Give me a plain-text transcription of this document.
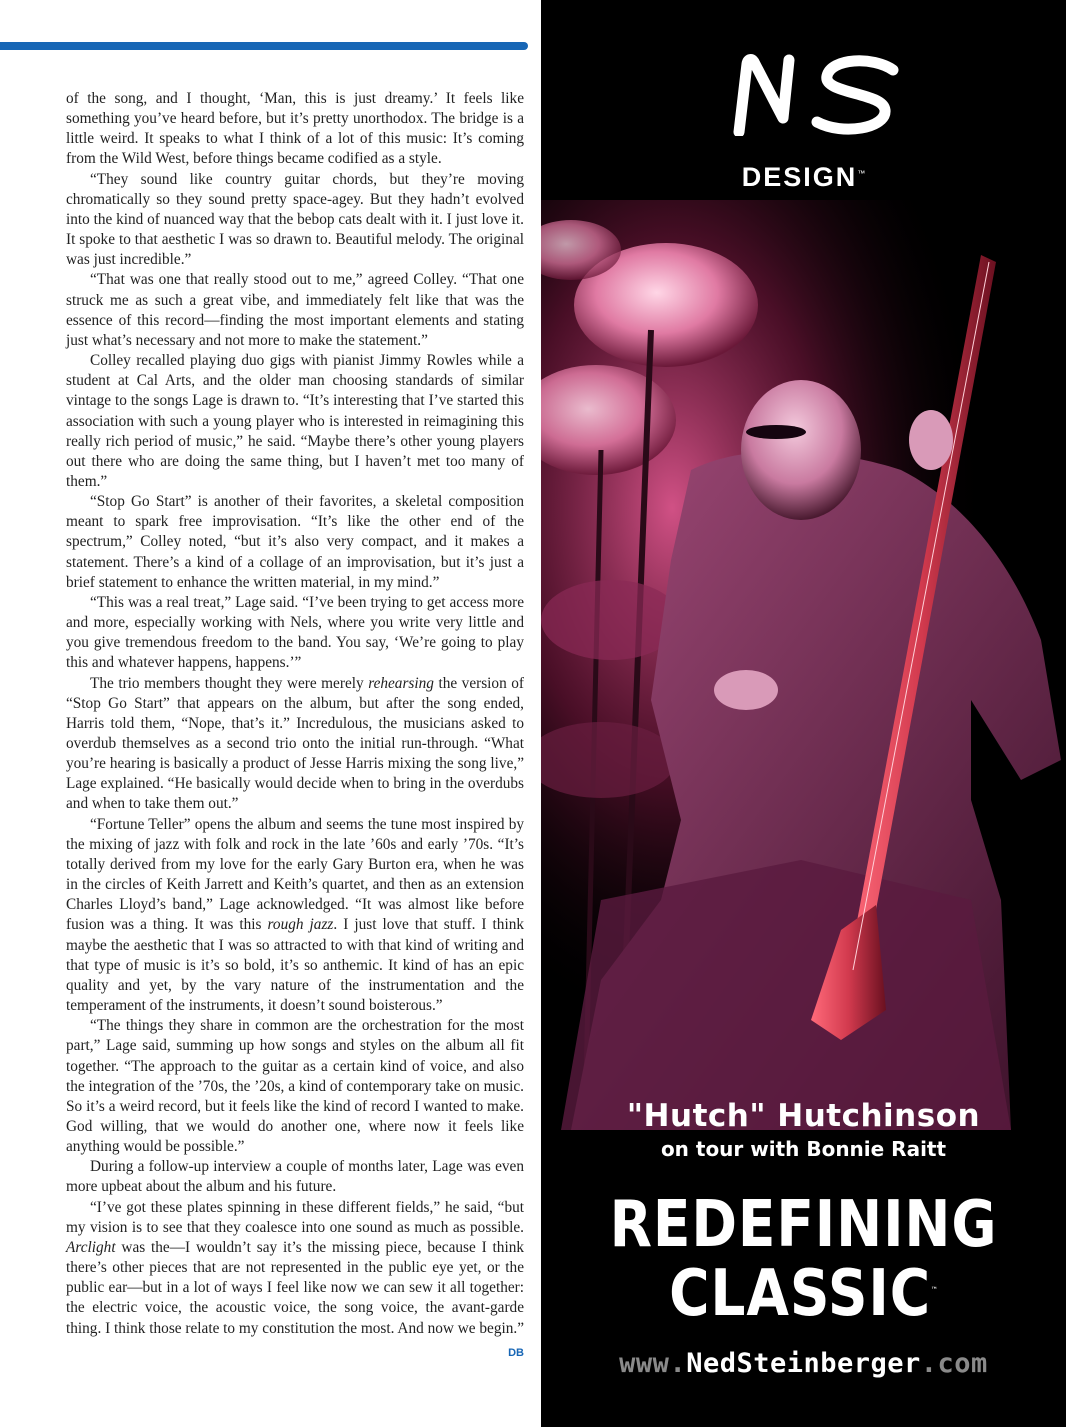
of the song, and I thought, ‘Man, this is just dreamy.’ It feels like something you’ve heard before, but it’s pretty unorthodox. The bridge is a little weird. It speaks to what I think of a lot of this music: It’s coming from the Wild West, before things became codified as a style.

“They sound like country guitar chords, but they’re moving chromatically so they sound pretty space-agey. But they hadn’t evolved into the kind of nuanced way that the bebop cats dealt with it. I just love it. It spoke to that aesthetic I was so drawn to. Beautiful melody. The original was just incredible.”

“That was one that really stood out to me,” agreed Colley. “That one struck me as such a great vibe, and immediately felt like that was the essence of this record—finding the most important elements and stating just what’s necessary and not more to make the statement.”

Colley recalled playing duo gigs with pianist Jimmy Rowles while a student at Cal Arts, and the older man choosing standards of similar vintage to the songs Lage is drawn to. “It’s interesting that I’ve started this association with such a young player who is interested in reimagining this really rich period of music,” he said. “Maybe there’s other young players out there who are doing the same thing, but I haven’t met too many of them.”

“Stop Go Start” is another of their favorites, a skeletal composition meant to spark free improvisation. “It’s like the other end of the spectrum,” Colley noted, “but it’s also very compact, and it makes a statement. There’s a kind of a collage of an improvisation, but it’s just a brief statement to enhance the written material, in my mind.”

“This was a real treat,” Lage said. “I’ve been trying to get access more and more, especially working with Nels, where you write very little and you give tremendous freedom to the band. You say, ‘We’re going to play this and whatever happens, happens.’”

The trio members thought they were merely rehearsing the version of “Stop Go Start” that appears on the album, but after the song ended, Harris told them, “Nope, that’s it.” Incredulous, the musicians asked to overdub themselves as a second trio onto the initial run-through. “What you’re hearing is basically a product of Jesse Harris mixing the song live,” Lage explained. “He basically would decide when to bring in the overdubs and when to take them out.”

“Fortune Teller” opens the album and seems the tune most inspired by the mixing of jazz with folk and rock in the late ’60s and early ’70s. “It’s totally derived from my love for the early Gary Burton era, when he was in the circles of Keith Jarrett and Keith’s quartet, and then as an extension Charles Lloyd’s band,” Lage acknowledged. “It was almost like before fusion was a thing. It was this rough jazz. I just love that stuff. I think maybe the aesthetic that I was so attracted to with that kind of writing and that type of music is it’s so bold, it’s so anthemic. It kind of has an epic quality and yet, by the vary nature of the instrumentation and the temperament of the instruments, it doesn’t sound boisterous.”

“The things they share in common are the orchestration for the most part,” Lage said, summing up how songs and styles on the album all fit together. “The approach to the guitar as a certain kind of voice, and also the integration of the ’70s, the ’20s, a kind of contemporary take on music. So it’s a weird record, but it feels like the kind of record I wanted to make. God willing, that we would do another one, where now it feels like anything would be possible.”

During a follow-up interview a couple of months later, Lage was even more upbeat about the album and his future.

“I’ve got these plates spinning in these different fields,” he said, “but my vision is to see that they coalesce into one sound as much as possible. Arclight was the—I wouldn’t say it’s the missing piece, because I think there’s other pieces that are not represented in the public eye yet, or the public ear—but in a lot of ways I feel like now we can sew it all together: the electric voice, the acoustic voice, the song voice, the avant-garde thing. I think those relate to my constitution the most. And now we begin.”
DB

DESIGN™
"Hutch" Hutchinson
on tour with Bonnie Raitt
REDEFINING
CLASSIC™
www.NedSteinberger.com
